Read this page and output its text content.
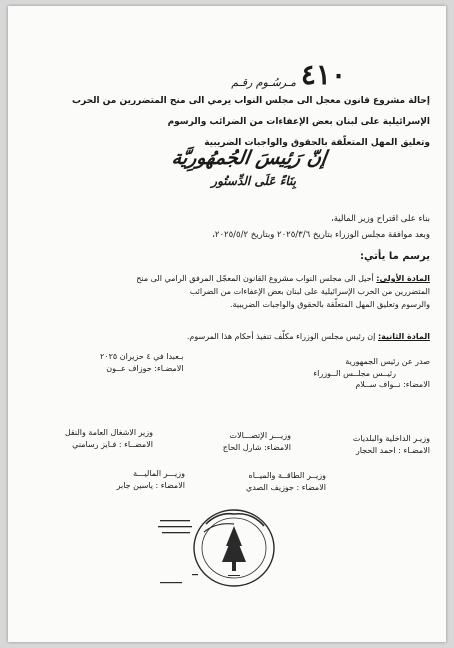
مـرسُـوم رقـم ٤١٠
إحالة مشروع قانون معجل الى مجلس النواب يرمي الى منح المتضررين من الحرب
الإسرائيلية على لبنان بعض الإعفاءات من الضرائب والرسوم
وتعليق المهل المتعلّقة بالحقوق والواجبات الضريبية
إنّ رَئِيسَ الجُمهُورِيَّة
بِنَاءً عَلَى الدِّستُور
بناء على اقتراح وزير المالية،
وبعد موافقة مجلس الوزراء بتاريخ ٢٠٢٥/٣/٦ وبتاريخ ٢٠٢٥/٥/٢،
يرسم ما يأتي:
المادة الأولى: أحيل الى مجلس النواب مشروع القانون المعجّل المرفق الرامي الى منح
المتضررين من الحرب الإسرائيلية على لبنان بعض الإعفاءات من الضرائب
والرسوم وتعليق المهل المتعلّقة بالحقوق والواجبات الضريبية.
المادة الثانية: إن رئيس مجلس الوزراء مكلّف تنفيذ أحكام هذا المرسوم.
صدر عن رئيس الجمهورية
رئيــس مجلــس الــوزراء
الامضاء: نــواف ســلام
بـعبدا في ٤ حزيران ٢٠٢٥
الامضـاء: جوزاف عــون
وزيـر الداخلية والبلديات
الامضـاء : احمد الحجار
وزيـــر الإتصـــالات
الامضاء: شارل الحاج
وزير الاشغال العامة والنقل
الامضــاء : فـايز رسامني
وزيــر الطاقــة والميــاه
الامضاء : جوزيف الصدي
وزيـــر الماليـــة
الامضاء : ياسين جابر
